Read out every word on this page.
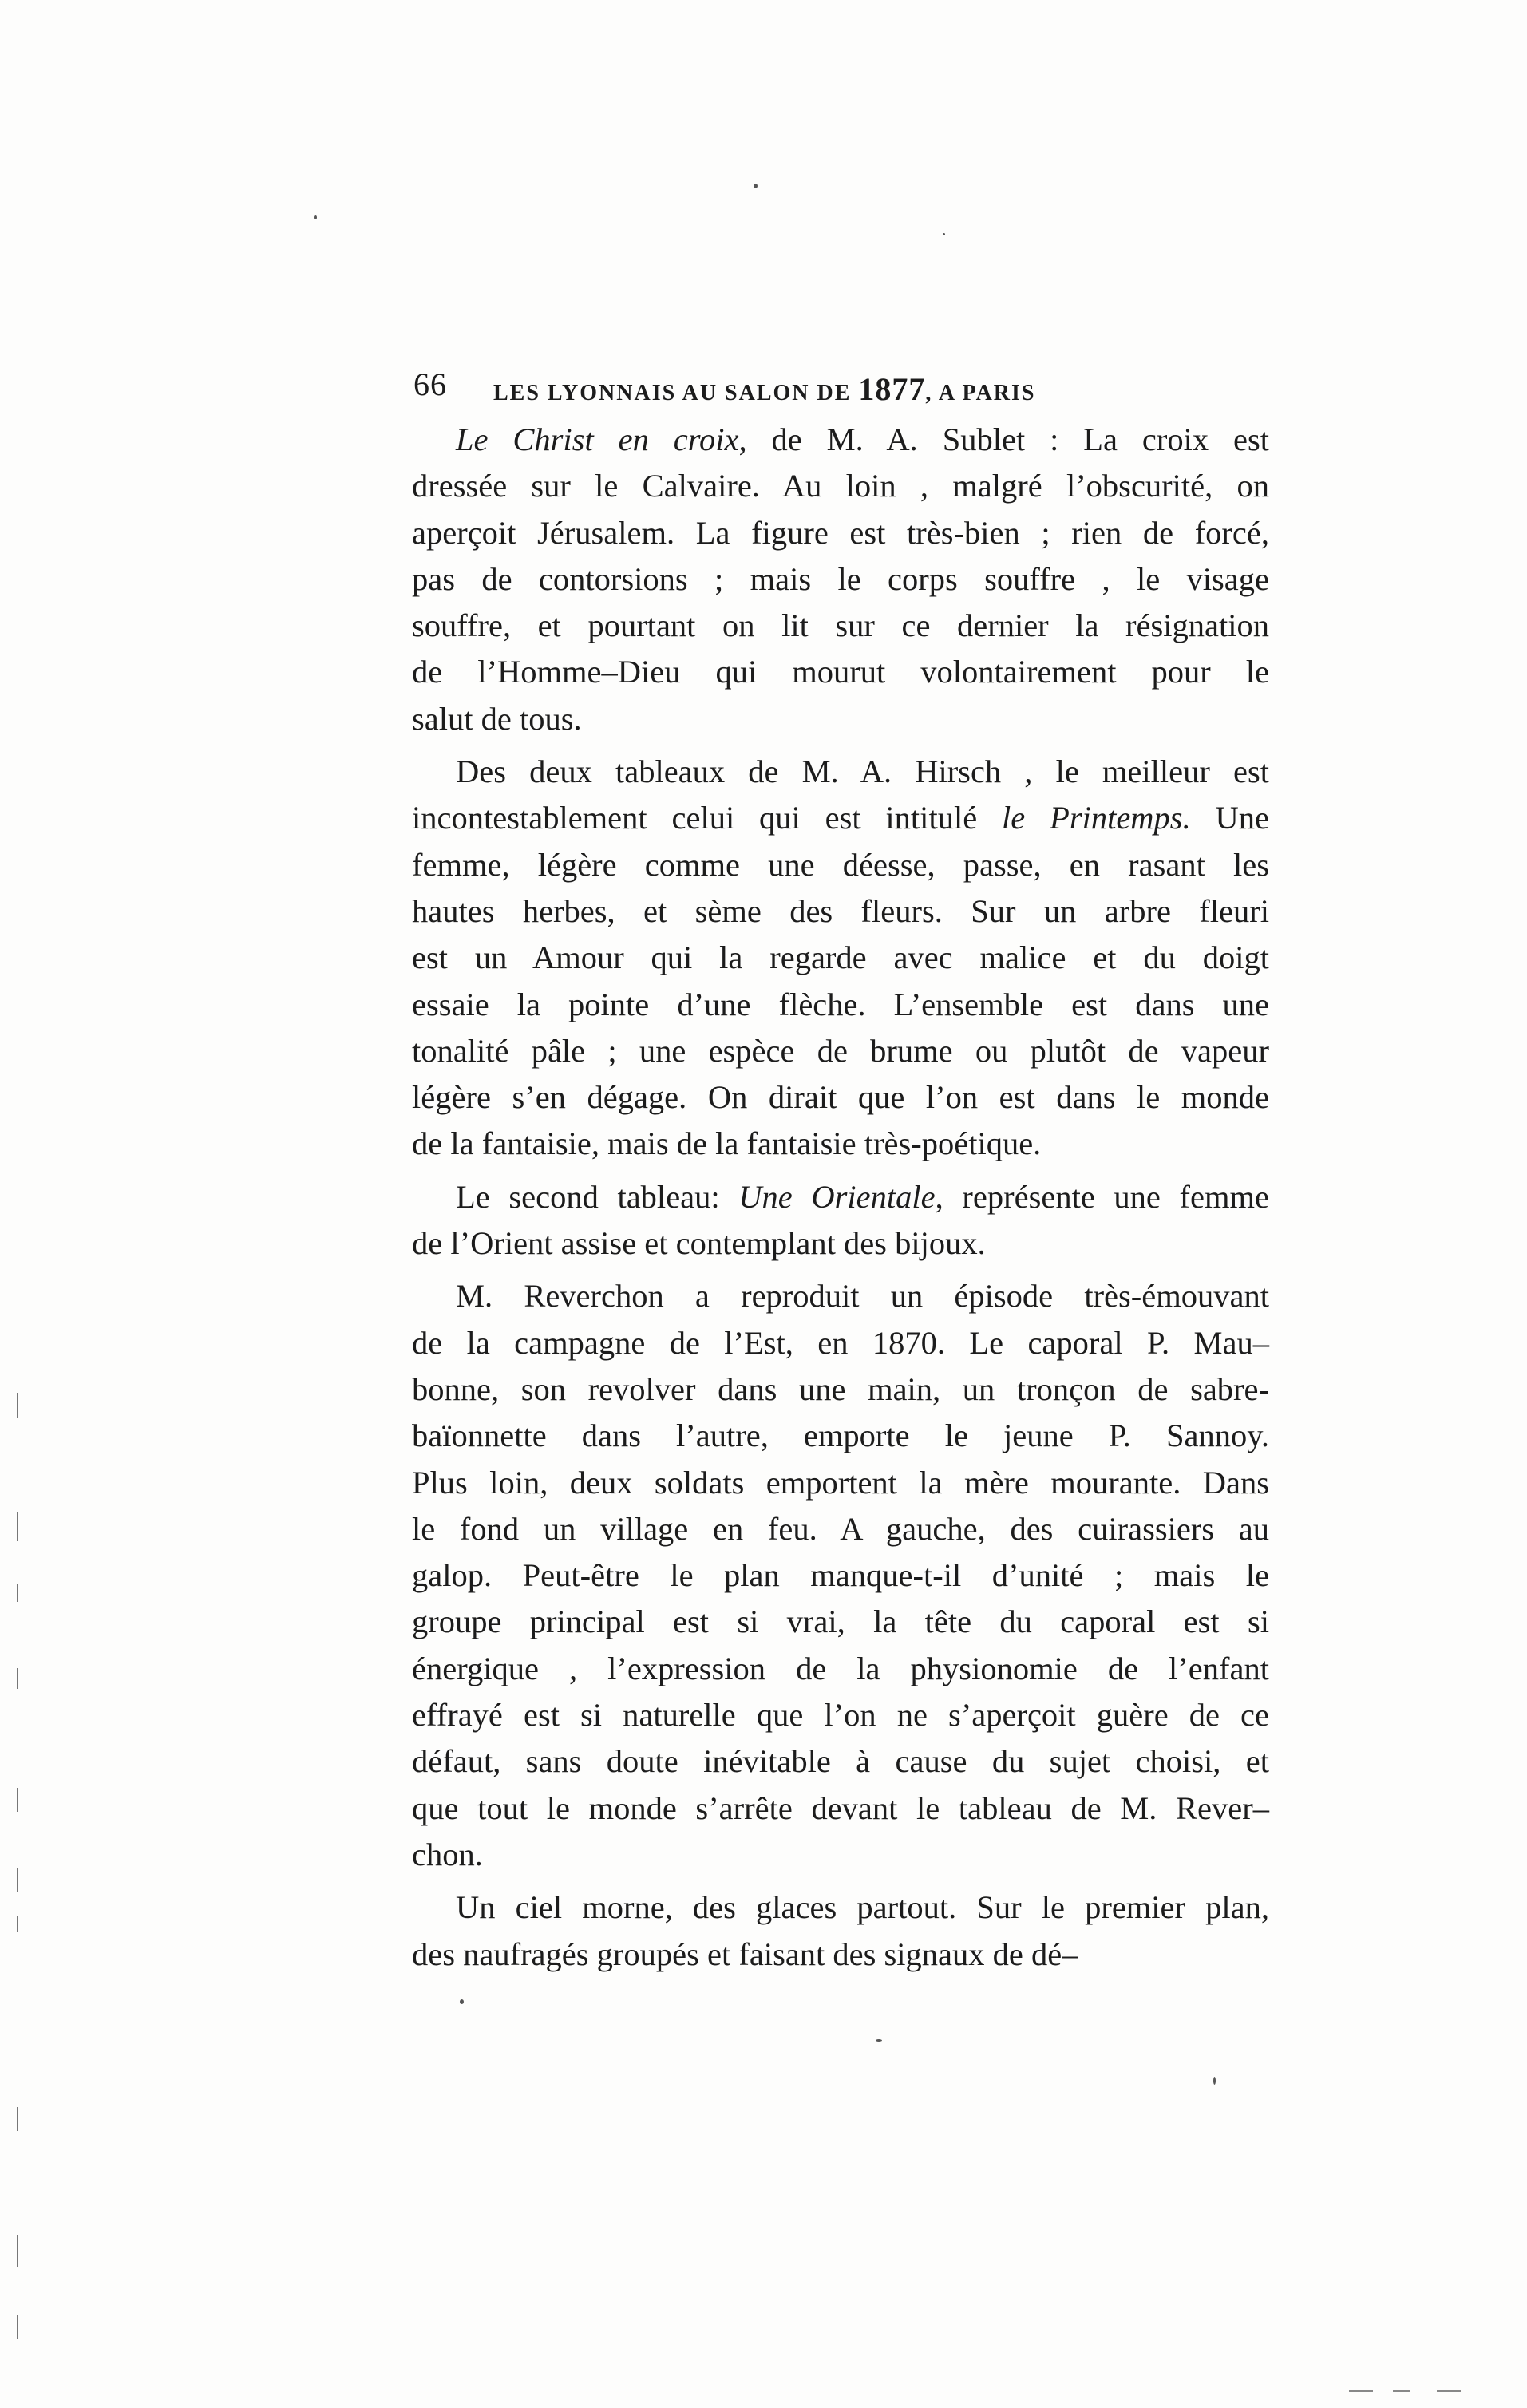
66 LES LYONNAIS AU SALON DE 1877, A PARIS
Le Christ en croix, de M. A. Sublet : La croix est
dressée sur le Calvaire. Au loin , malgré l’obscurité, on
aperçoit Jérusalem. La figure est très-bien ; rien de forcé,
pas de contorsions ; mais le corps souffre , le visage
souffre, et pourtant on lit sur ce dernier la résignation
de l’Homme–Dieu qui mourut volontairement pour le
salut de tous.
Des deux tableaux de M. A. Hirsch , le meilleur est
incontestablement celui qui est intitulé le Printemps. Une
femme, légère comme une déesse, passe, en rasant les
hautes herbes, et sème des fleurs. Sur un arbre fleuri
est un Amour qui la regarde avec malice et du doigt
essaie la pointe d’une flèche. L’ensemble est dans une
tonalité pâle ; une espèce de brume ou plutôt de vapeur
légère s’en dégage. On dirait que l’on est dans le monde
de la fantaisie, mais de la fantaisie très-poétique.
Le second tableau: Une Orientale, représente une femme
de l’Orient assise et contemplant des bijoux.
M. Reverchon a reproduit un épisode très-émouvant
de la campagne de l’Est, en 1870. Le caporal P. Mau–
bonne, son revolver dans une main, un tronçon de sabre-
baïonnette dans l’autre, emporte le jeune P. Sannoy.
Plus loin, deux soldats emportent la mère mourante. Dans
le fond un village en feu. A gauche, des cuirassiers au
galop. Peut-être le plan manque-t-il d’unité ; mais le
groupe principal est si vrai, la tête du caporal est si
énergique , l’expression de la physionomie de l’enfant
effrayé est si naturelle que l’on ne s’aperçoit guère de ce
défaut, sans doute inévitable à cause du sujet choisi, et
que tout le monde s’arrête devant le tableau de M. Rever–
chon.
Un ciel morne, des glaces partout. Sur le premier plan,
des naufragés groupés et faisant des signaux de dé–
